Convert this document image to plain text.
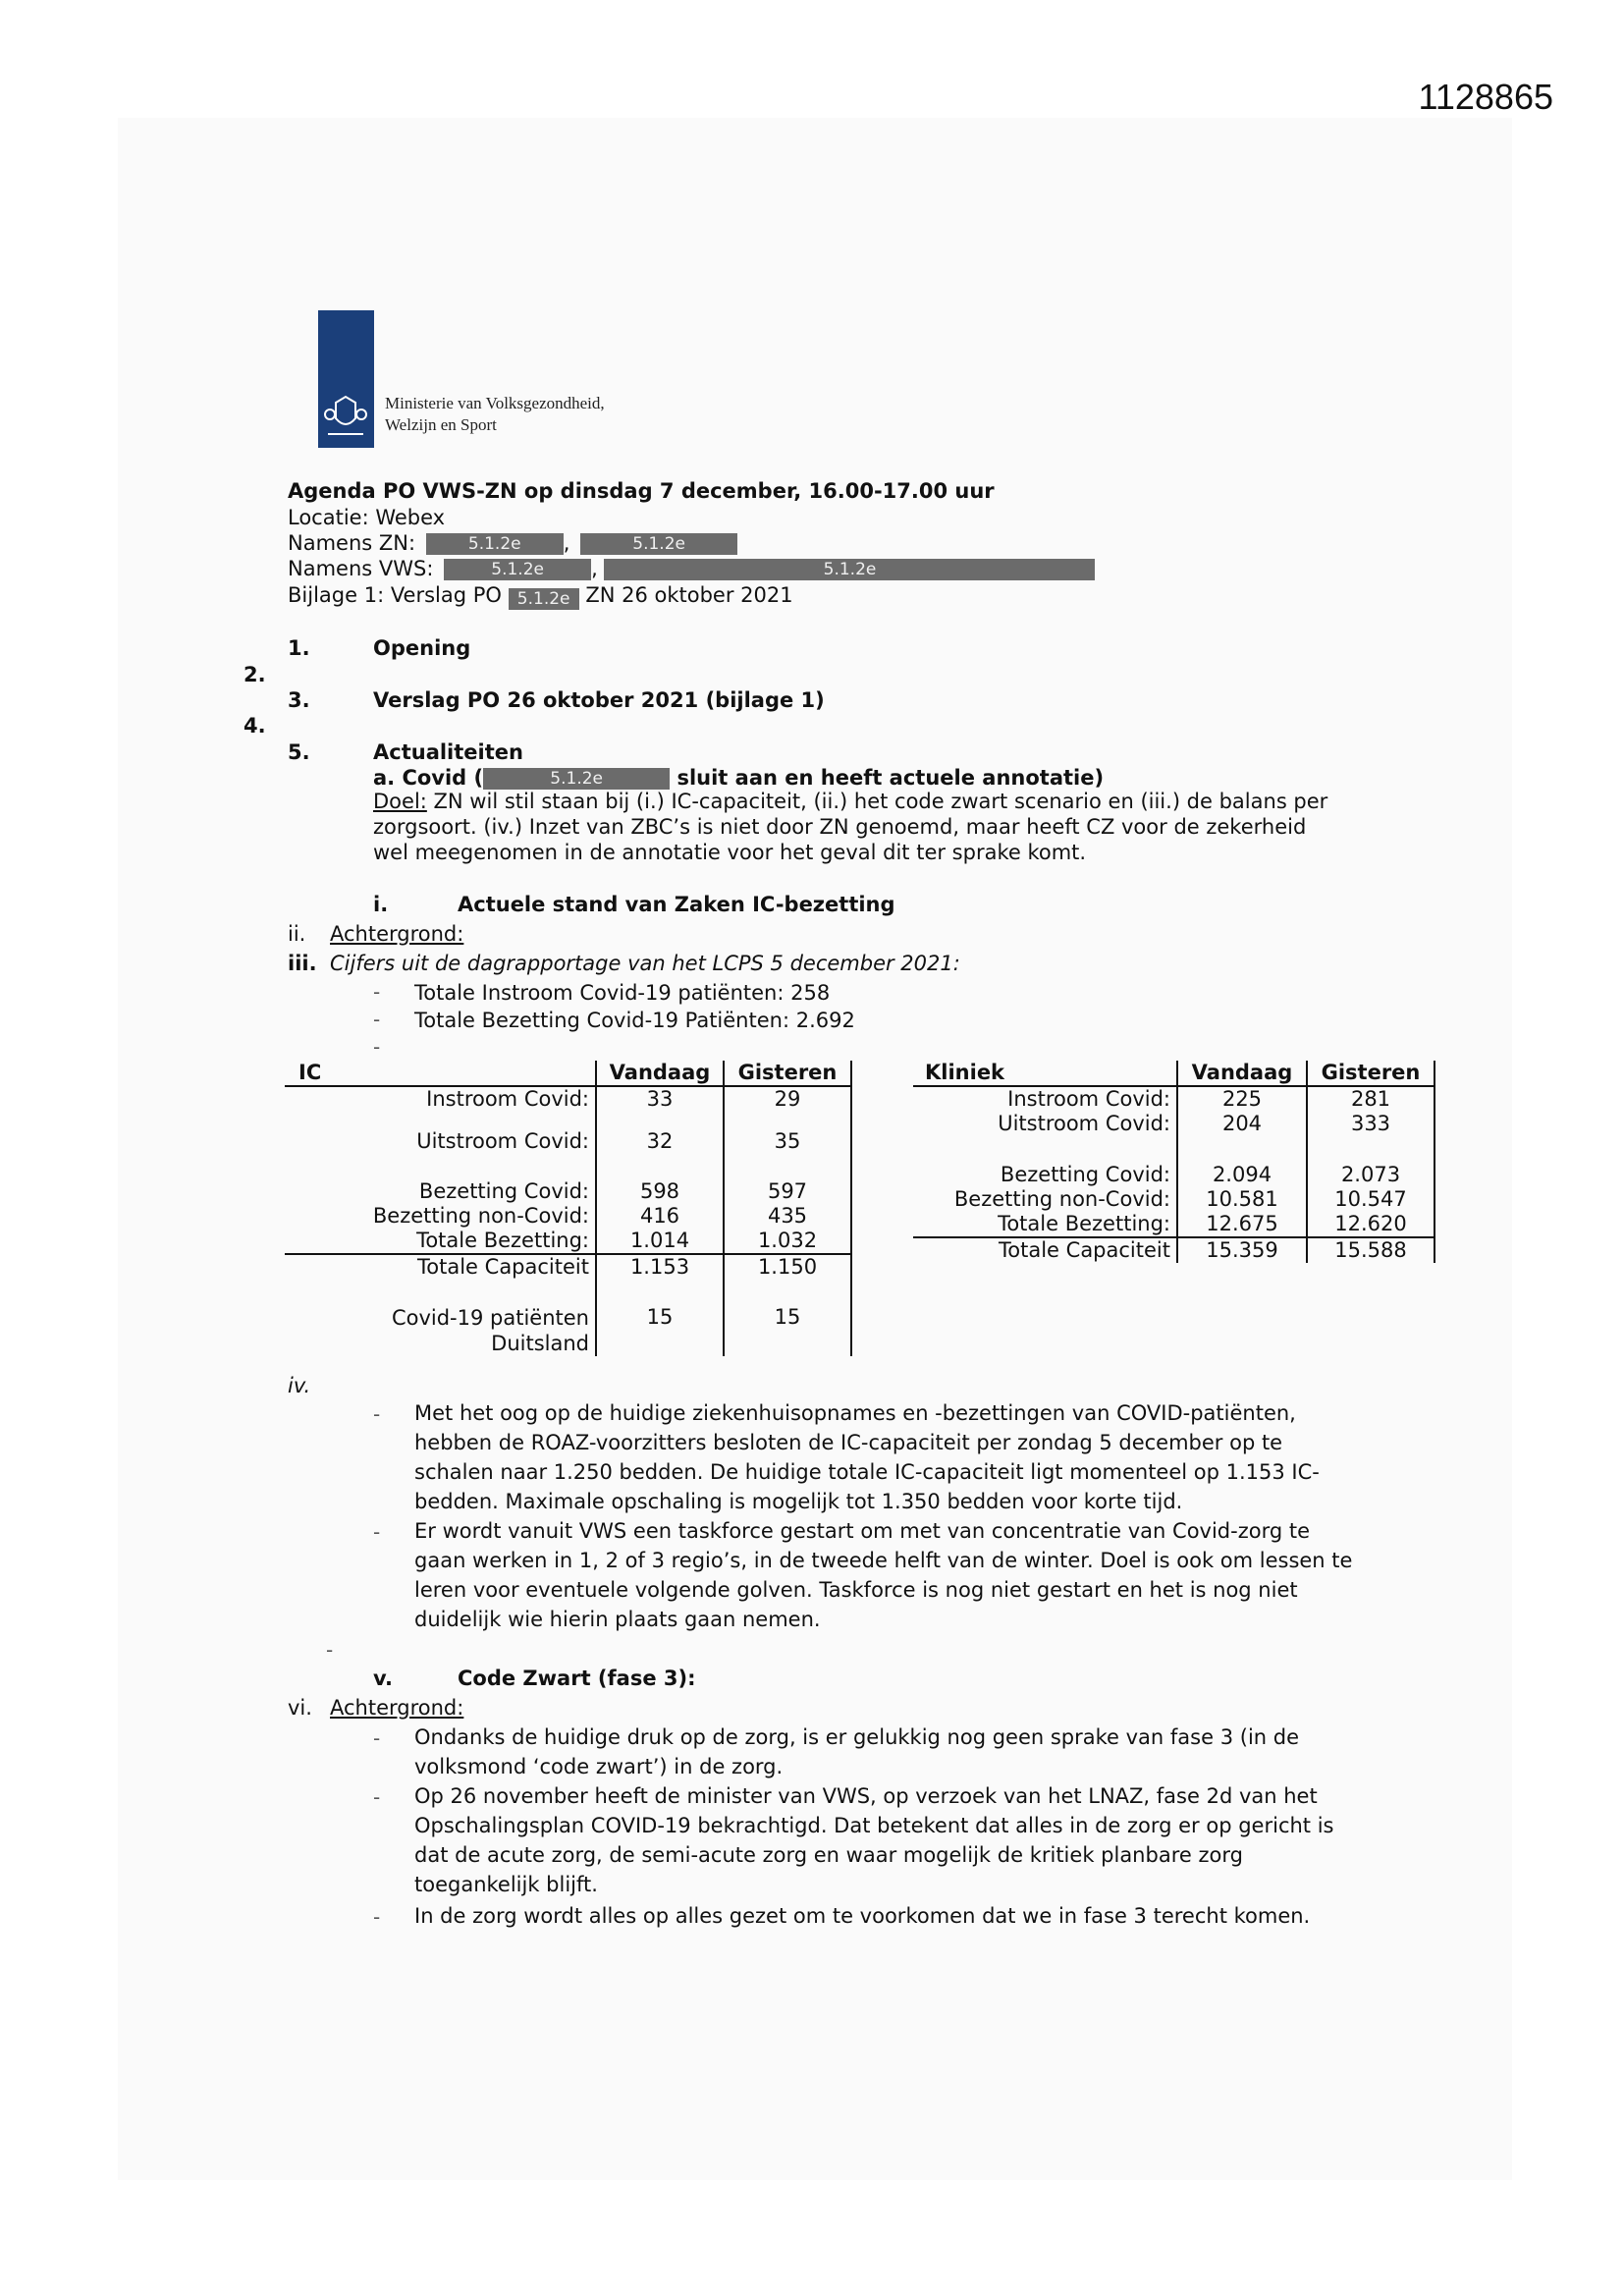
1128865
Ministerie van Volksgezondheid,
Welzijn en Sport
Agenda PO VWS-ZN op dinsdag 7 december, 16.00-17.00 uur
Locatie: Webex
Namens ZN:	5.1.2e ,	5.1.2e
Namens VWS:	5.1.2e ,	5.1.2e
Bijlage 1: Verslag PO 5.1.2e ZN 26 oktober 2021
1.	Opening
2.
3.	Verslag PO 26 oktober 2021 (bijlage 1)
4.
5.	Actualiteiten
a. Covid (	5.1.2e	sluit aan en heeft actuele annotatie)
Doel: ZN wil stil staan bij (i.) IC-capaciteit, (ii.) het code zwart scenario en (iii.) de balans per zorgsoort. (iv.) Inzet van ZBC’s is niet door ZN genoemd, maar heeft CZ voor de zekerheid wel meegenomen in de annotatie voor het geval dit ter sprake komt.
i.	Actuele stand van Zaken IC-bezetting
ii. Achtergrond:
iii. Cijfers uit de dagrapportage van het LCPS 5 december 2021:
- Totale Instroom Covid-19 patiënten: 258
- Totale Bezetting Covid-19 Patiënten: 2.692
-
IC	Vandaag	Gisteren
Instroom Covid:	33	29

Uitstroom Covid:	32	35

Bezetting Covid:	598	597
Bezetting non-Covid:	416	435
Totale Bezetting:	1.014	1.032
Totale Capaciteit	1.153	1.150

Covid-19 patiënten Duitsland	15	15
Kliniek	Vandaag	Gisteren
Instroom Covid:	225	281
Uitstroom Covid:	204	333

Bezetting Covid:	2.094	2.073
Bezetting non-Covid:	10.581	10.547
Totale Bezetting:	12.675	12.620
Totale Capaciteit	15.359	15.588
iv.
- Met het oog op de huidige ziekenhuisopnames en -bezettingen van COVID-patiënten, hebben de ROAZ-voorzitters besloten de IC-capaciteit per zondag 5 december op te schalen naar 1.250 bedden. De huidige totale IC-capaciteit ligt momenteel op 1.153 IC-bedden. Maximale opschaling is mogelijk tot 1.350 bedden voor korte tijd.
- Er wordt vanuit VWS een taskforce gestart om met van concentratie van Covid-zorg te gaan werken in 1, 2 of 3 regio’s, in de tweede helft van de winter. Doel is ook om lessen te leren voor eventuele volgende golven. Taskforce is nog niet gestart en het is nog niet duidelijk wie hierin plaats gaan nemen.
-
v.	Code Zwart (fase 3):
vi. Achtergrond:
- Ondanks de huidige druk op de zorg, is er gelukkig nog geen sprake van fase 3 (in de volksmond ‘code zwart’) in de zorg.
- Op 26 november heeft de minister van VWS, op verzoek van het LNAZ, fase 2d van het Opschalingsplan COVID-19 bekrachtigd. Dat betekent dat alles in de zorg er op gericht is dat de acute zorg, de semi-acute zorg en waar mogelijk de kritiek planbare zorg toegankelijk blijft.
- In de zorg wordt alles op alles gezet om te voorkomen dat we in fase 3 terecht komen.
